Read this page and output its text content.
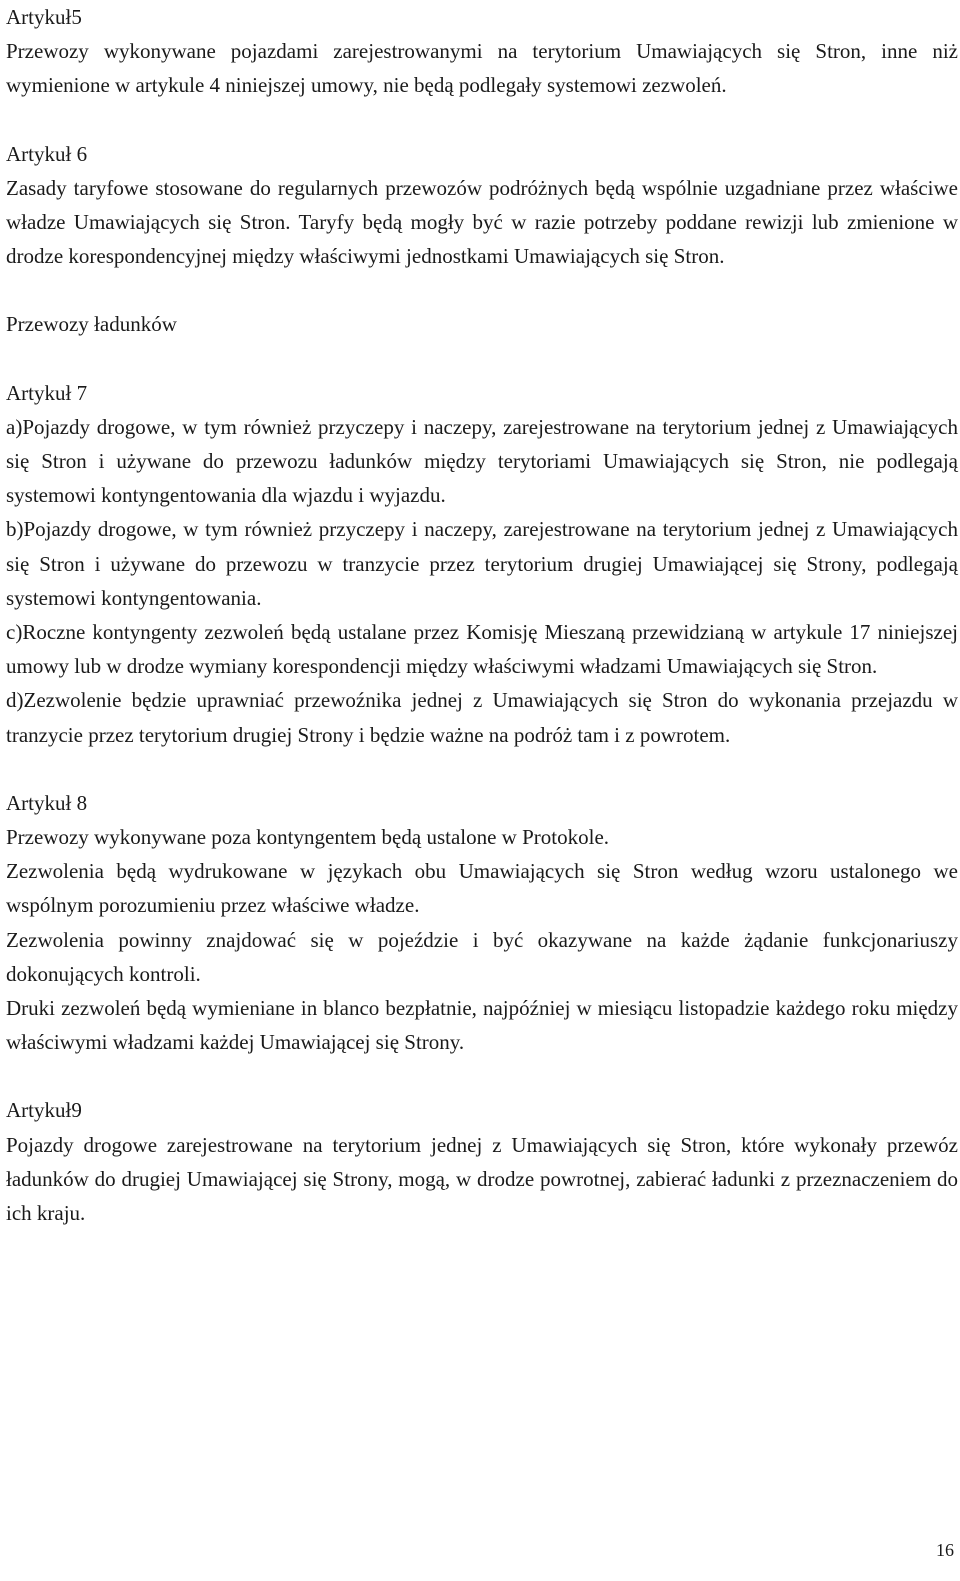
Artykuł5

Przewozy wykonywane pojazdami zarejestrowanymi na terytorium Umawiających się Stron, inne niż wymienione w artykule 4 niniejszej umowy, nie będą podlegały systemowi zezwoleń.

Artykuł 6

Zasady taryfowe stosowane do regularnych przewozów podróżnych będą wspólnie uzgadniane przez właściwe władze Umawiających się Stron. Taryfy będą mogły być w razie potrzeby poddane rewizji lub zmienione w drodze korespondencyjnej między właściwymi jednostkami Umawiających się Stron.

Przewozy ładunków

Artykuł 7

a)Pojazdy drogowe, w tym również przyczepy i naczepy, zarejestrowane na terytorium jednej z Umawiających się Stron i używane do przewozu ładunków między terytoriami Umawiających się Stron, nie podlegają systemowi kontyngentowania dla wjazdu i wyjazdu.

b)Pojazdy drogowe, w tym również przyczepy i naczepy, zarejestrowane na terytorium jednej z Umawiających się Stron i używane do przewozu w tranzycie przez terytorium drugiej Umawiającej się Strony, podlegają systemowi kontyngentowania.

c)Roczne kontyngenty zezwoleń będą ustalane przez Komisję Mieszaną przewidzianą w artykule 17 niniejszej umowy lub w drodze wymiany korespondencji między właściwymi władzami Umawiających się Stron.

d)Zezwolenie będzie uprawniać przewoźnika jednej z Umawiających się Stron do wykonania przejazdu w tranzycie przez terytorium drugiej Strony i będzie ważne na podróż tam i z powrotem.

Artykuł 8

Przewozy wykonywane poza kontyngentem będą ustalone w Protokole.

Zezwolenia będą wydrukowane w językach obu Umawiających się Stron według wzoru ustalonego we wspólnym porozumieniu przez właściwe władze.

Zezwolenia powinny znajdować się w pojeździe i być okazywane na każde żądanie funkcjonariuszy dokonujących kontroli.

Druki zezwoleń będą wymieniane in blanco bezpłatnie, najpóźniej w miesiącu listopadzie każdego roku między właściwymi władzami każdej Umawiającej się Strony.

Artykuł9

Pojazdy drogowe zarejestrowane na terytorium jednej z Umawiających się Stron, które wykonały przewóz ładunków do drugiej Umawiającej się Strony, mogą, w drodze powrotnej, zabierać ładunki z przeznaczeniem do ich kraju.

16
